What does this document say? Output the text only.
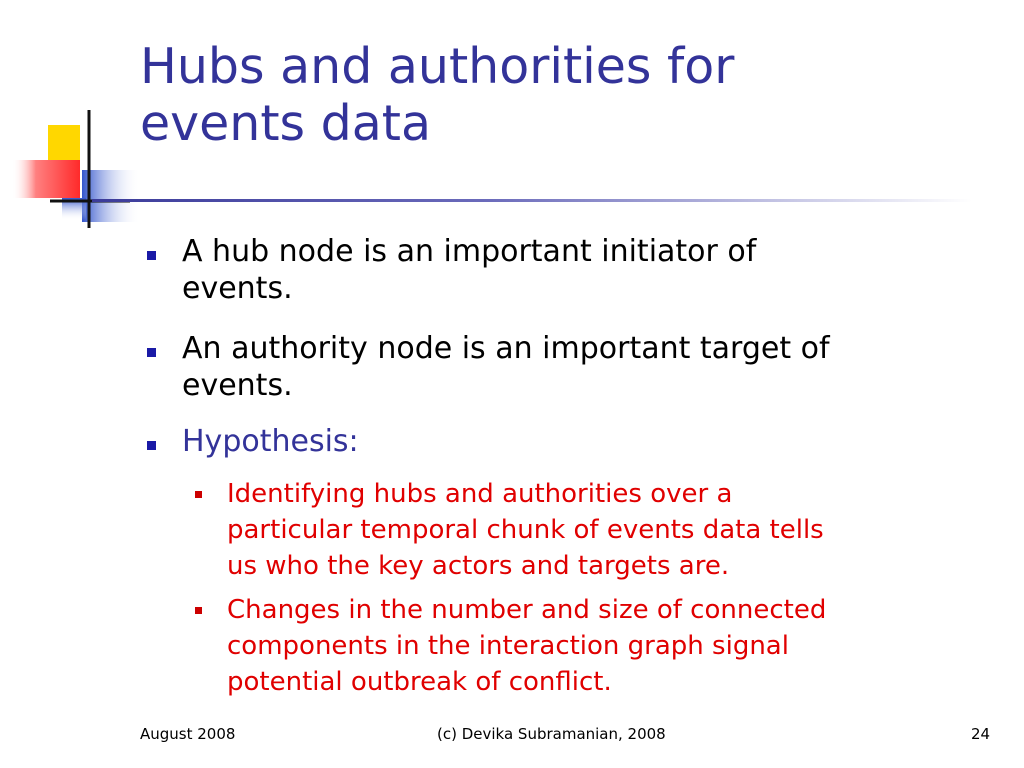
Hubs and authorities for
events data
A hub node is an important initiator of
events.
An authority node is an important target of
events.
Hypothesis:
Identifying hubs and authorities over a
particular temporal chunk of events data tells
us who the key actors and targets are.
Changes in the number and size of connected
components in the interaction graph signal
potential outbreak of conflict.
August 2008	(c) Devika Subramanian, 2008	24
